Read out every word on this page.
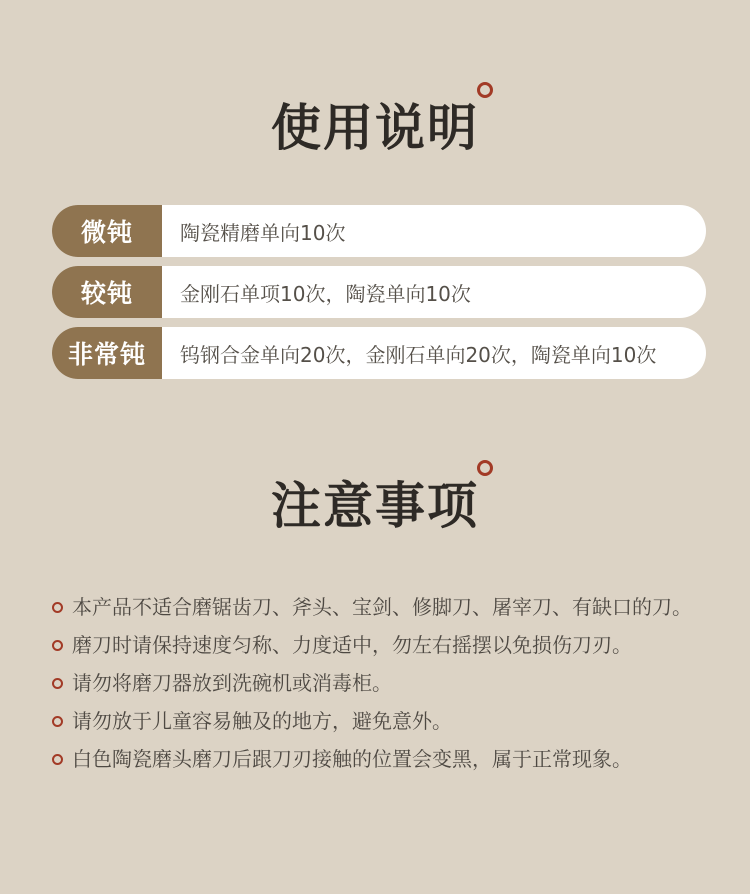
使用说明
微钝	陶瓷精磨单向10次
较钝	金刚石单项10次，陶瓷单向10次
非常钝	钨钢合金单向20次，金刚石单向20次，陶瓷单向10次
注意事项
本产品不适合磨锯齿刀、斧头、宝剑、修脚刀、屠宰刀、有缺口的刀。
磨刀时请保持速度匀称、力度适中，勿左右摇摆以免损伤刀刃。
请勿将磨刀器放到洗碗机或消毒柜。
请勿放于儿童容易触及的地方，避免意外。
白色陶瓷磨头磨刀后跟刀刃接触的位置会变黑，属于正常现象。
